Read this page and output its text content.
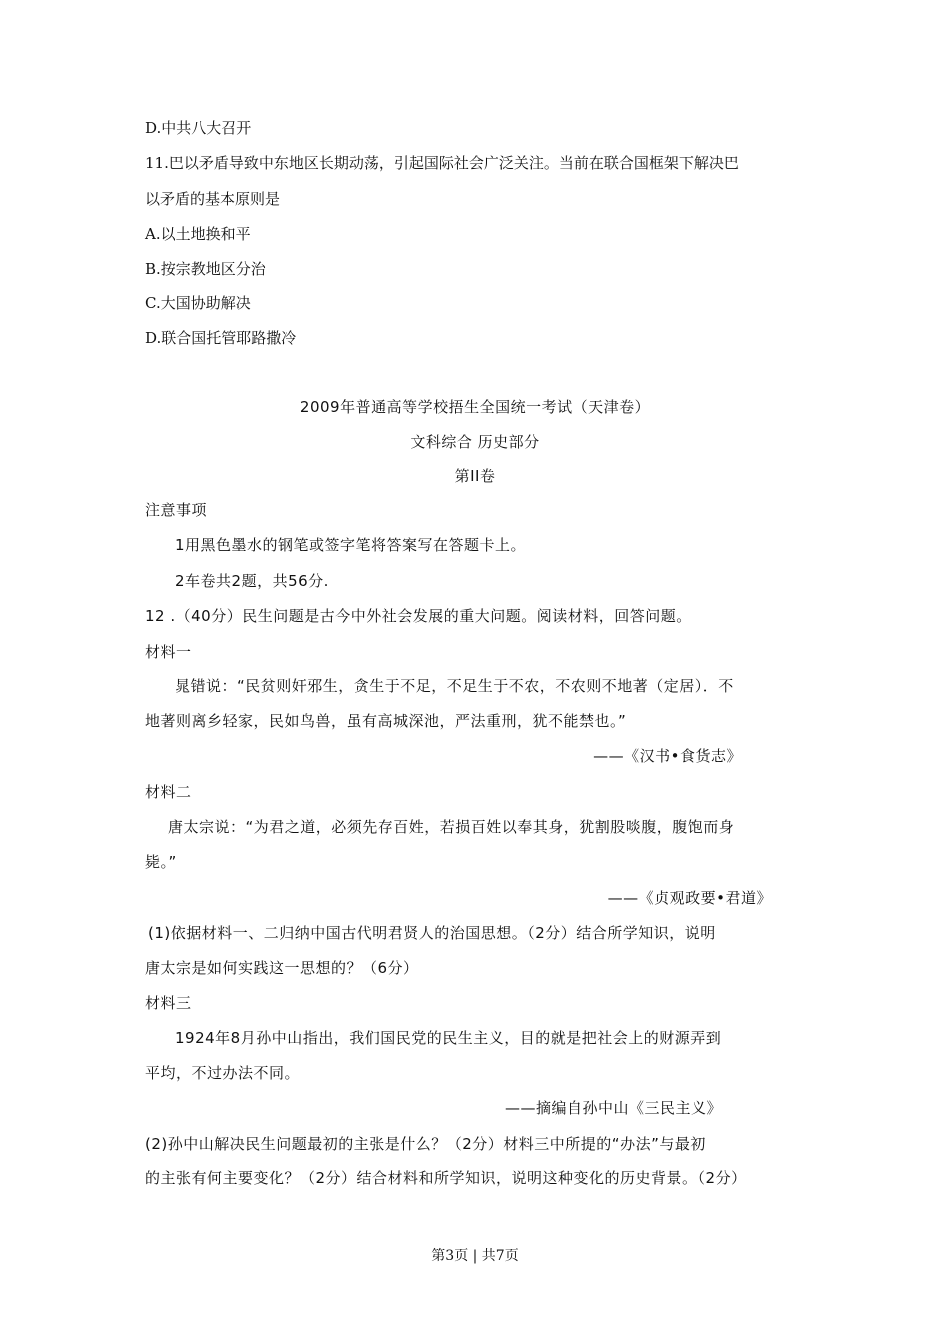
D.中共八大召开
11.巴以矛盾导致中东地区长期动荡，引起国际社会广泛关注。当前在联合国框架下解决巴
以矛盾的基本原则是
A.以土地换和平
B.按宗教地区分治
C.大国协助解决
D.联合国托管耶路撒冷
2009年普通高等学校捂生全国统一考试（天津卷）
文科综合 历史部分
第II卷
注意事项
1用黑色墨水的钢笔或签字笔将答案写在答题卡上。
2车卷共2题，共56分.
12 .（40分）民生问题是古今中外社会发展的重大问题。阅读材料，回答问题。
材料一
晁错说：“民贫则奸邪生，贪生于不足，不足生于不农，不农则不地著（定居）．不
地著则离乡轻家，民如鸟兽，虽有高城深池，严法重刑，犹不能禁也。”
——《汉书•食货志》
材料二
唐太宗说：“为君之道，必须先存百姓，若损百姓以奉其身，犹割股啖腹，腹饱而身
毙。”
——《贞观政要•君道》
(1)依据材料一、二归纳中国古代明君贤人的治国思想。（2分）结合所学知识，说明
唐太宗是如何实践这一思想的？（6分）
材料三
1924年8月孙中山指出，我们国民党的民生主义，目的就是把社会上的财源弄到
平均，不过办法不同。
——摘编自孙中山《三民主义》
(2)孙中山解决民生问题最初的主张是什么？（2分）材料三中所提的“办法”与最初
的主张有何主要变化？（2分）结合材料和所学知识，说明这种变化的历史背景。（2分）
第3页 | 共7页
